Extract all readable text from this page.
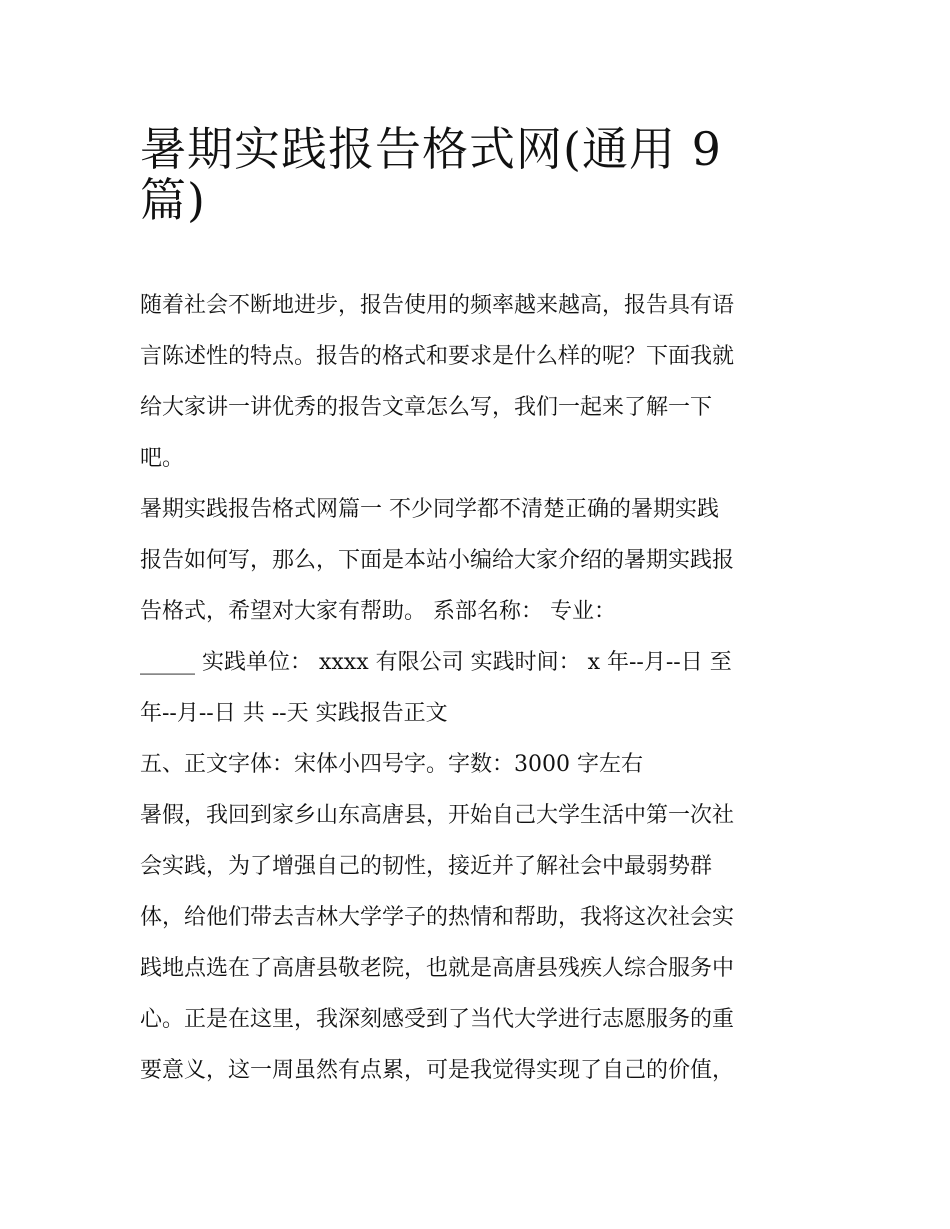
暑期实践报告格式网(通用 9
篇)
随着社会不断地进步，报告使用的频率越来越高，报告具有语
言陈述性的特点。报告的格式和要求是什么样的呢？下面我就
给大家讲一讲优秀的报告文章怎么写，我们一起来了解一下
吧。
暑期实践报告格式网篇一 不少同学都不清楚正确的暑期实践
报告如何写，那么，下面是本站小编给大家介绍的暑期实践报
告格式，希望对大家有帮助。 系部名称： 专业：
_____ 实践单位： xxxx 有限公司 实践时间： x 年--月--日 至
年--月--日 共 --天 实践报告正文
五、正文字体：宋体小四号字。字数：3000 字左右
暑假，我回到家乡山东高唐县，开始自己大学生活中第一次社
会实践，为了增强自己的韧性，接近并了解社会中最弱势群
体，给他们带去吉林大学学子的热情和帮助，我将这次社会实
践地点选在了高唐县敬老院，也就是高唐县残疾人综合服务中
心。正是在这里，我深刻感受到了当代大学进行志愿服务的重
要意义，这一周虽然有点累，可是我觉得实现了自己的价值，
